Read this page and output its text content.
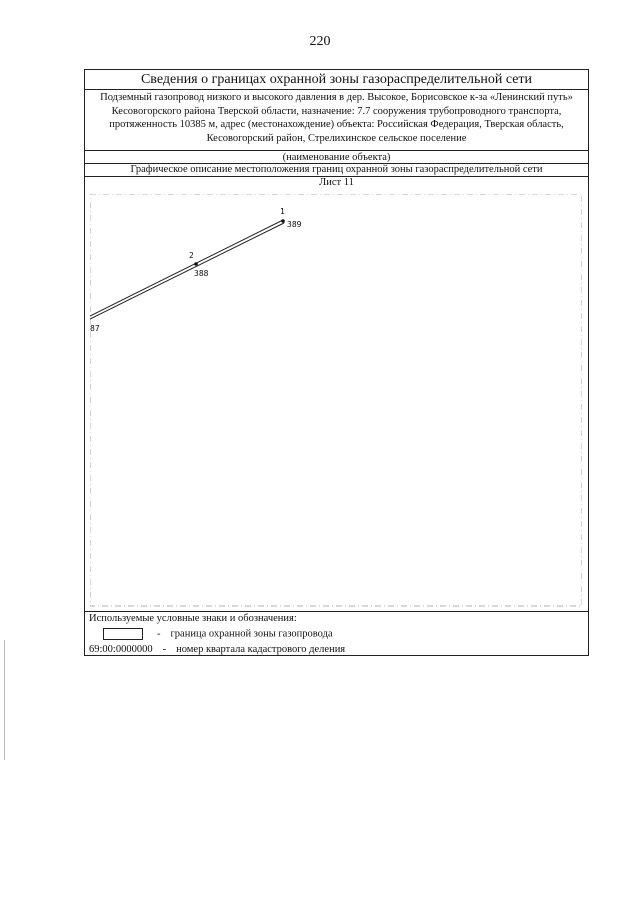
220
Сведения о границах охранной зоны газораспределительной сети
Подземный газопровод низкого и высокого давления в дер. Высокое, Борисовское к-за «Ленинский путь»
Кесовогорского района Тверской области, назначение: 7.7 сооружения трубопроводного транспорта,
протяженность 10385 м, адрес (местонахождение) объекта: Российская Федерация, Тверская область,
Кесовогорский район, Стрелихинское сельское поселение
(наименование объекта)
Графическое описание местоположения границ охранной зоны газораспределительной сети
Лист 11
1
389
2
388
87
Используемые условные знаки и обозначения:
- граница охранной зоны газопровода
69:00:0000000 - номер квартала кадастрового деления
